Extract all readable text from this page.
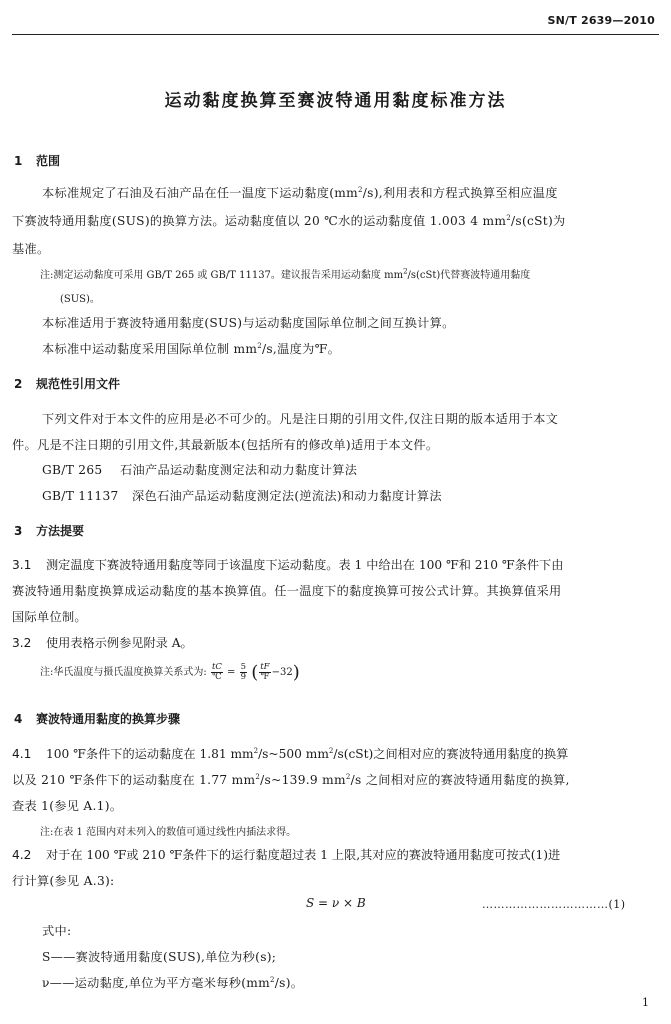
SN/T 2639—2010
运动黏度换算至赛波特通用黏度标准方法
1 范围
本标准规定了石油及石油产品在任一温度下运动黏度$(mm^2/s)$,利用表和方程式换算至相应温度
下赛波特通用黏度(SUS)的换算方法。运动黏度值以 20 ℃水的运动黏度值 1.003 4 $mm^2/s(cSt)$为
基准。
注:测定运动黏度可采用 GB/T 265 或 GB/T 11137。建议报告采用运动黏度 $mm^2/s(cSt)$代替赛波特通用黏度
(SUS)。
本标准适用于赛波特通用黏度(SUS)与运动黏度国际单位制之间互换计算。
本标准中运动黏度采用国际单位制 $mm^2/s$,温度为℉。
2 规范性引用文件
下列文件对于本文件的应用是必不可少的。凡是注日期的引用文件,仅注日期的版本适用于本文
件。凡是不注日期的引用文件,其最新版本(包括所有的修改单)适用于本文件。
GB/T 265 石油产品运动黏度测定法和动力黏度计算法
GB/T 11137 深色石油产品运动黏度测定法(逆流法)和动力黏度计算法
3 方法提要
3.1 测定温度下赛波特通用黏度等同于该温度下运动黏度。表 1 中给出在 100 ℉和 210 ℉条件下由
赛波特通用黏度换算成运动黏度的基本换算值。任一温度下的黏度换算可按公式计算。其换算值采用
国际单位制。
3.2 使用表格示例参见附录 A。
注:华氏温度与摄氏温度换算关系式为: $\frac{tC}{℃} = \frac{5}{9}$ ( $\frac{tF}{℉} -32$)
4 赛波特通用黏度的换算步骤
4.1 100 ℉条件下的运动黏度在 1.81 $mm^2/s\sim 500$ $mm^2/s(cSt)$之间相对应的赛波特通用黏度的换算
以及 210 ℉条件下的运动黏度在 1.77 $mm^2/s\sim 139.9$ $mm^2/s$ 之间相对应的赛波特通用黏度的换算,
查表 1(参见 A.1)。
注:在表 1 范围内对未列入的数值可通过线性内插法求得。
4.2 对于在 100 ℉或 210 ℉条件下的运行黏度超过表 1 上限,其对应的赛波特通用黏度可按式(1)进
行计算(参见 A.3):
S = ν × B	……………………………(1)
式中:
S——赛波特通用黏度(SUS),单位为秒(s);
ν——运动黏度,单位为平方毫米每秒$(mm^2/s)$。
1
